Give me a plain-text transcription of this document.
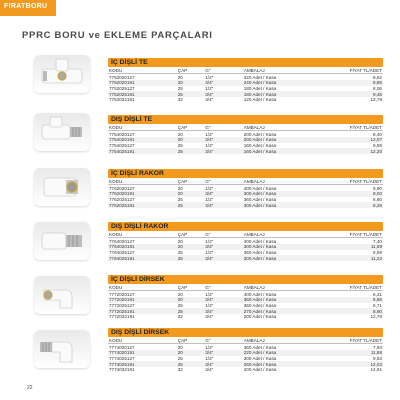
FIRATBORU
PPRC BORU ve EKLEME PARÇALARI
İÇ DİŞLİ TE
KODU	ÇAP	G"	AMBALAJ	FİYAT TL/ADET
7752020127	20	1/2"	320 Adet / Kasa	6,62
7752020191	20	3/4"	240 Adet / Kasa	8,89
7752025127	25	1/2"	180 Adet / Kasa	8,06
7752025191	25	3/4"	180 Adet / Kasa	9,45
7752032191	32	3/4"	120 Adet / Kasa	13,79
DIŞ DİŞLİ TE
KODU	ÇAP	G"	AMBALAJ	FİYAT TL/ADET
7754020127	20	1/2"	200 Adet / Kasa	8,40
7754020191	20	3/4"	200 Adet / Kasa	12,07
7754025127	25	1/2"	160 Adet / Kasa	9,59
7754025191	25	3/4"	160 Adet / Kasa	12,20
İÇ DİŞLİ RAKOR
KODU	ÇAP	G"	AMBALAJ	FİYAT TL/ADET
7762020127	20	1/2"	400 Adet / Kasa	5,90
7762020191	20	3/4"	300 Adet / Kasa	8,03
7762025127	25	1/2"	360 Adet / Kasa	6,60
7762025191	25	3/4"	300 Adet / Kasa	8,28
DIŞ DİŞLİ RAKOR
KODU	ÇAP	G"	AMBALAJ	FİYAT TL/ADET
7764020127	20	1/2"	400 Adet / Kasa	7,40
7764020191	20	3/4"	300 Adet / Kasa	11,59
7764025127	25	1/2"	360 Adet / Kasa	8,59
7764025191	25	3/4"	300 Adet / Kasa	11,22
İÇ DİŞLİ DİRSEK
KODU	ÇAP	G"	AMBALAJ	FİYAT TL/ADET
7772020127	20	1/2"	400 Adet / Kasa	6,21
7772020191	20	3/4"	360 Adet / Kasa	8,86
7772025127	25	1/2"	360 Adet / Kasa	6,71
7772025191	25	3/4"	270 Adet / Kasa	8,90
7772032191	32	3/4"	200 Adet / Kasa	12,76
DIŞ DİŞLİ DİRSEK
KODU	ÇAP	G"	AMBALAJ	FİYAT TL/ADET
7774020127	20	1/2"	360 Adet / Kasa	7,93
7774020191	20	3/4"	220 Adet / Kasa	11,86
7774025127	25	1/2"	300 Adet / Kasa	9,53
7774025191	25	3/4"	260 Adet / Kasa	12,03
7774032191	32	3/4"	200 Adet / Kasa	14,81
22
